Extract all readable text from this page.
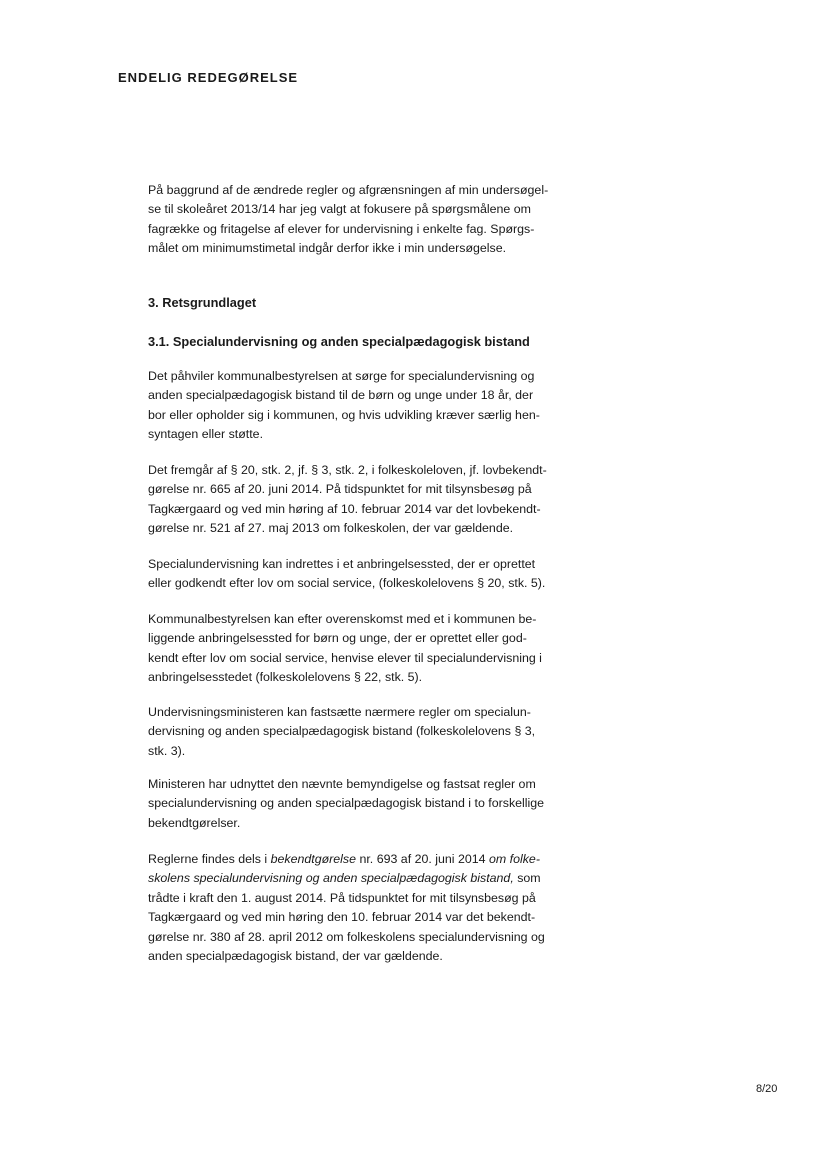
ENDELIG REDEGØRELSE

På baggrund af de ændrede regler og afgrænsningen af min undersøgel-
se til skoleåret 2013/14 har jeg valgt at fokusere på spørgsmålene om
fagrække og fritagelse af elever for undervisning i enkelte fag. Spørgs-
målet om minimumstimetal indgår derfor ikke i min undersøgelse.

3. Retsgrundlaget
3.1. Specialundervisning og anden specialpædagogisk bistand

Det påhviler kommunalbestyrelsen at sørge for specialundervisning og
anden specialpædagogisk bistand til de børn og unge under 18 år, der
bor eller opholder sig i kommunen, og hvis udvikling kræver særlig hen-
syntagen eller støtte.

Det fremgår af § 20, stk. 2, jf. § 3, stk. 2, i folkeskoleloven, jf. lovbekendt-
gørelse nr. 665 af 20. juni 2014. På tidspunktet for mit tilsynsbesøg på
Tagkærgaard og ved min høring af 10. februar 2014 var det lovbekendt-
gørelse nr. 521 af 27. maj 2013 om folkeskolen, der var gældende.

Specialundervisning kan indrettes i et anbringelsessted, der er oprettet
eller godkendt efter lov om social service, (folkeskolelovens § 20, stk. 5).

Kommunalbestyrelsen kan efter overenskomst med et i kommunen be-
liggende anbringelsessted for børn og unge, der er oprettet eller god-
kendt efter lov om social service, henvise elever til specialundervisning i
anbringelsesstedet (folkeskolelovens § 22, stk. 5).

Undervisningsministeren kan fastsætte nærmere regler om specialun-
dervisning og anden specialpædagogisk bistand (folkeskolelovens § 3,
stk. 3).

Ministeren har udnyttet den nævnte bemyndigelse og fastsat regler om
specialundervisning og anden specialpædagogisk bistand i to forskellige
bekendtgørelser.

Reglerne findes dels i bekendtgørelse nr. 693 af 20. juni 2014 om folke-
skolens specialundervisning og anden specialpædagogisk bistand, som
trådte i kraft den 1. august 2014. På tidspunktet for mit tilsynsbesøg på
Tagkærgaard og ved min høring den 10. februar 2014 var det bekendt-
gørelse nr. 380 af 28. april 2012 om folkeskolens specialundervisning og
anden specialpædagogisk bistand, der var gældende.

8/20
